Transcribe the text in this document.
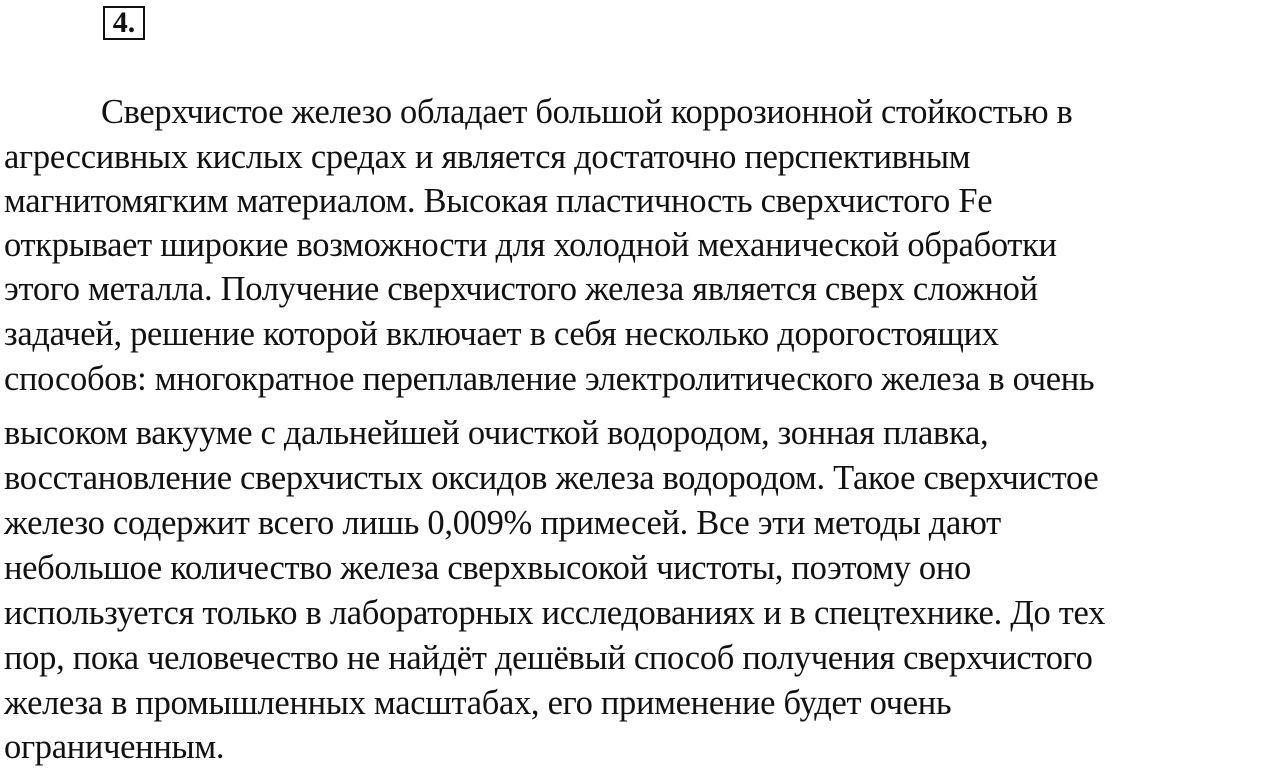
4.
Сверхчистое железо обладает большой коррозионной стойкостью в
агрессивных кислых средах и является достаточно перспективным
магнитомягким материалом. Высокая пластичность сверхчистого Fe
открывает широкие возможности для холодной механической обработки
этого металла. Получение сверхчистого железа является сверх сложной
задачей, решение которой включает в себя несколько дорогостоящих
способов: многократное переплавление электролитического железа в очень
высоком вакууме с дальнейшей очисткой водородом, зонная плавка,
восстановление сверхчистых оксидов железа водородом. Такое сверхчистое
железо содержит всего лишь 0,009% примесей. Все эти методы дают
небольшое количество железа сверхвысокой чистоты, поэтому оно
используется только в лабораторных исследованиях и в спецтехнике. До тех
пор, пока человечество не найдёт дешёвый способ получения сверхчистого
железа в промышленных масштабах, его применение будет очень
ограниченным.
